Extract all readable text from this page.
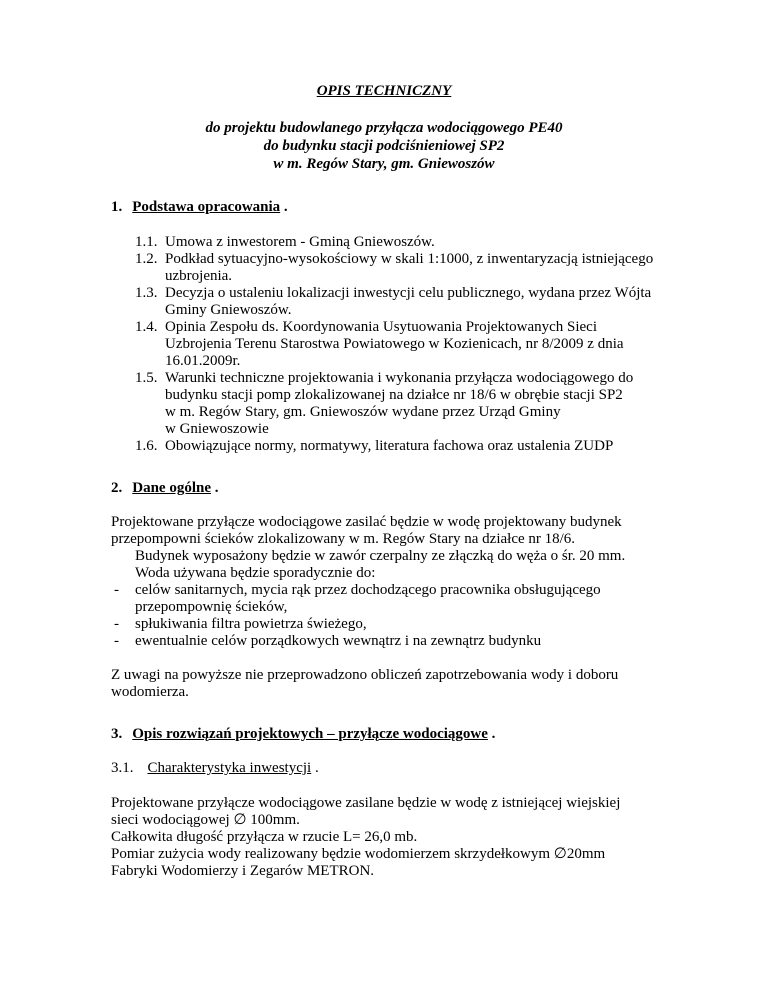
OPIS TECHNICZNY
do projektu budowlanego przyłącza wodociągowego PE40
do budynku stacji podciśnieniowej SP2
w m. Regów Stary, gm. Gniewoszów
1. Podstawa opracowania .
1.1. Umowa z inwestorem - Gminą Gniewoszów.
1.2. Podkład sytuacyjno-wysokościowy w skali 1:1000, z inwentaryzacją istniejącego
uzbrojenia.
1.3. Decyzja o ustaleniu lokalizacji inwestycji celu publicznego, wydana przez Wójta
Gminy Gniewoszów.
1.4. Opinia Zespołu ds. Koordynowania Usytuowania Projektowanych Sieci
Uzbrojenia Terenu Starostwa Powiatowego w Kozienicach, nr 8/2009 z dnia
16.01.2009r.
1.5. Warunki techniczne projektowania i wykonania przyłącza wodociągowego do
budynku stacji pomp zlokalizowanej na działce nr 18/6 w obrębie stacji SP2
w m. Regów Stary, gm. Gniewoszów wydane przez Urząd Gminy
w Gniewoszowie
1.6. Obowiązujące normy, normatywy, literatura fachowa oraz ustalenia ZUDP
2. Dane ogólne .
Projektowane przyłącze wodociągowe zasilać będzie w wodę projektowany budynek
przepompowni ścieków zlokalizowany w m. Regów Stary na działce nr 18/6.
Budynek wyposażony będzie w zawór czerpalny ze złączką do węża o śr. 20 mm.
Woda używana będzie sporadycznie do:
- celów sanitarnych, mycia rąk przez dochodzącego pracownika obsługującego
przepompownię ścieków,
- spłukiwania filtra powietrza świeżego,
- ewentualnie celów porządkowych wewnątrz i na zewnątrz budynku
Z uwagi na powyższe nie przeprowadzono obliczeń zapotrzebowania wody i doboru
wodomierza.
3. Opis rozwiązań projektowych – przyłącze wodociągowe .
3.1. Charakterystyka inwestycji .
Projektowane przyłącze wodociągowe zasilane będzie w wodę z istniejącej wiejskiej
sieci wodociągowej ∅ 100mm.
Całkowita długość przyłącza w rzucie L= 26,0 mb.
Pomiar zużycia wody realizowany będzie wodomierzem skrzydełkowym ∅20mm
Fabryki Wodomierzy i Zegarów METRON.
